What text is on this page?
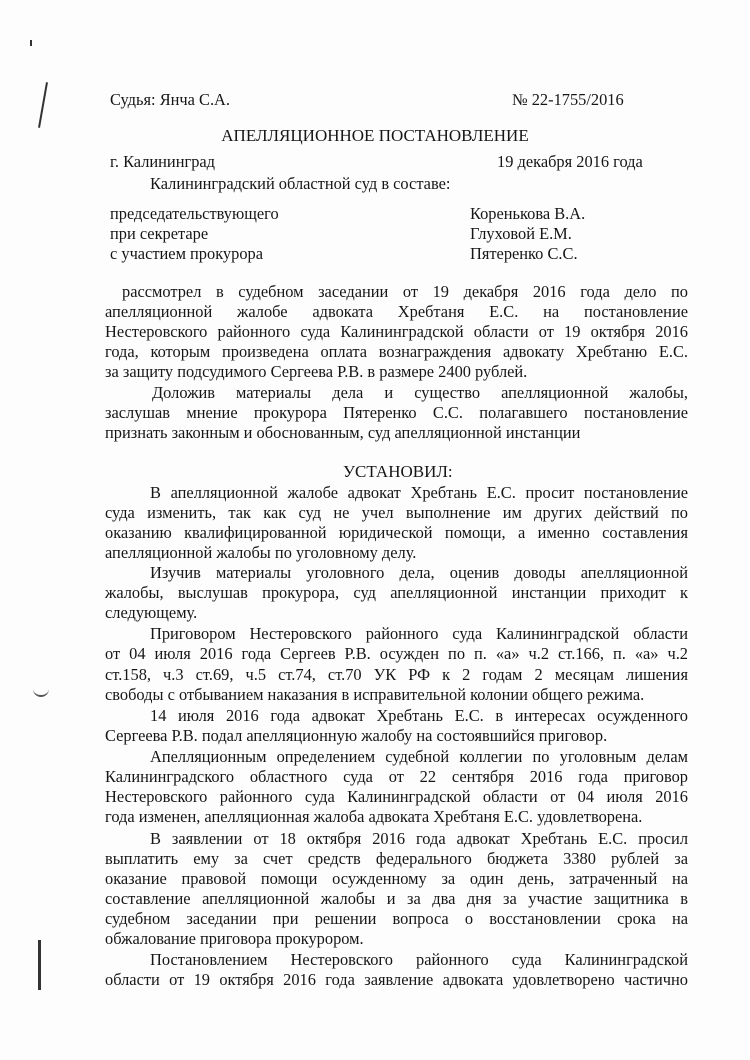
Судья: Янча С.А.	№ 22-1755/2016
АПЕЛЛЯЦИОННОЕ ПОСТАНОВЛЕНИЕ
г. Калининград	19 декабря 2016 года
Калининградский областной суд в составе:
председательствующего	Коренькова В.А.
при секретаре	Глуховой Е.М.
с участием прокурора	Пятеренко С.С.
рассмотрел в судебном заседании от 19 декабря 2016 года дело по
апелляционной жалобе адвоката Хребтаня Е.С. на постановление
Нестеровского районного суда Калининградской области от 19 октября 2016
года, которым произведена оплата вознаграждения адвокату Хребтаню Е.С.
за защиту подсудимого Сергеева Р.В. в размере 2400 рублей.
Доложив материалы дела и существо апелляционной жалобы,
заслушав мнение прокурора Пятеренко С.С. полагавшего постановление
признать законным и обоснованным, суд апелляционной инстанции
УСТАНОВИЛ:
В апелляционной жалобе адвокат Хребтань Е.С. просит постановление
суда изменить, так как суд не учел выполнение им других действий по
оказанию квалифицированной юридической помощи, а именно составления
апелляционной жалобы по уголовному делу.
Изучив материалы уголовного дела, оценив доводы апелляционной
жалобы, выслушав прокурора, суд апелляционной инстанции приходит к
следующему.
Приговором Нестеровского районного суда Калининградской области
от 04 июля 2016 года Сергеев Р.В. осужден по п. «а» ч.2 ст.166, п. «а» ч.2
ст.158, ч.3 ст.69, ч.5 ст.74, ст.70 УК РФ к 2 годам 2 месяцам лишения
свободы с отбыванием наказания в исправительной колонии общего режима.
14 июля 2016 года адвокат Хребтань Е.С. в интересах осужденного
Сергеева Р.В. подал апелляционную жалобу на состоявшийся приговор.
Апелляционным определением судебной коллегии по уголовным делам
Калининградского областного суда от 22 сентября 2016 года приговор
Нестеровского районного суда Калининградской области от 04 июля 2016
года изменен, апелляционная жалоба адвоката Хребтаня Е.С. удовлетворена.
В заявлении от 18 октября 2016 года адвокат Хребтань Е.С. просил
выплатить ему за счет средств федерального бюджета 3380 рублей за
оказание правовой помощи осужденному за один день, затраченный на
составление апелляционной жалобы и за два дня за участие защитника в
судебном заседании при решении вопроса о восстановлении срока на
обжалование приговора прокурором.
Постановлением Нестеровского районного суда Калининградской
области от 19 октября 2016 года заявление адвоката удовлетворено частично
